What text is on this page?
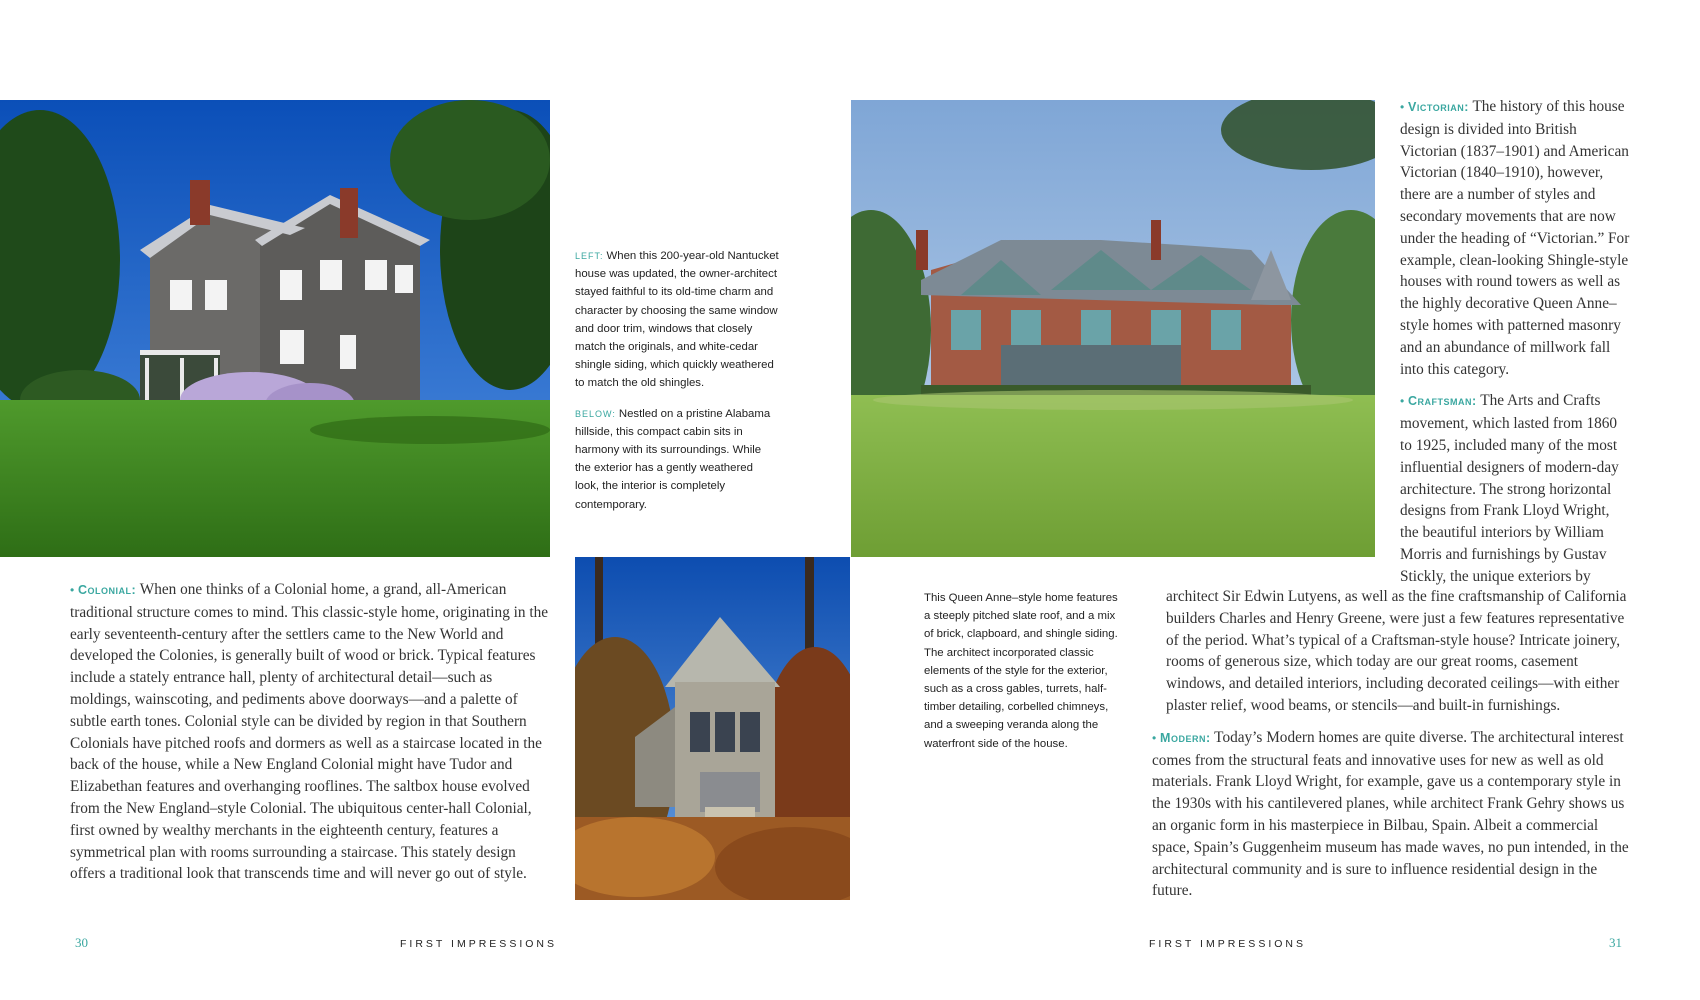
LEFT: When this 200-year-old Nantucket house was updated, the owner-architect stayed faithful to its old-time charm and character by choosing the same window and door trim, windows that closely match the originals, and white-cedar shingle siding, which quickly weathered to match the old shingles.

BELOW: Nestled on a pristine Alabama hillside, this compact cabin sits in harmony with its surroundings. While the exterior has a gently weathered look, the interior is completely contemporary.

• Colonial: When one thinks of a Colonial home, a grand, all-American traditional structure comes to mind. This classic-style home, originating in the early seventeenth-century after the settlers came to the New World and developed the Colonies, is generally built of wood or brick. Typical features include a stately entrance hall, plenty of architectural detail—such as moldings, wainscoting, and pediments above doorways—and a palette of subtle earth tones. Colonial style can be divided by region in that Southern Colonials have pitched roofs and dormers as well as a staircase located in the back of the house, while a New England Colonial might have Tudor and Elizabethan features and overhanging rooflines. The saltbox house evolved from the New England–style Colonial. The ubiquitous center-hall Colonial, first owned by wealthy merchants in the eighteenth century, features a symmetrical plan with rooms surrounding a staircase. This stately design offers a traditional look that transcends time and will never go out of style.

30	FIRST IMPRESSIONS

This Queen Anne–style home features a steeply pitched slate roof, and a mix of brick, clapboard, and shingle siding. The architect incorporated classic elements of the style for the exterior, such as a cross gables, turrets, half-timber detailing, corbelled chimneys, and a sweeping veranda along the waterfront side of the house.

• Victorian: The history of this house design is divided into British Victorian (1837–1901) and American Victorian (1840–1910), however, there are a number of styles and secondary movements that are now under the heading of “Victorian.” For example, clean-looking Shingle-style houses with round towers as well as the highly decorative Queen Anne–style homes with patterned masonry and an abundance of millwork fall into this category.

• Craftsman: The Arts and Crafts movement, which lasted from 1860 to 1925, included many of the most influential designers of modern-day architecture. The strong horizontal designs from Frank Lloyd Wright, the beautiful interiors by William Morris and furnishings by Gustav Stickly, the unique exteriors by

architect Sir Edwin Lutyens, as well as the fine craftsmanship of California builders Charles and Henry Greene, were just a few features representative of the period. What’s typical of a Craftsman-style house? Intricate joinery, rooms of generous size, which today are our great rooms, casement windows, and detailed interiors, including decorated ceilings—with either plaster relief, wood beams, or stencils—and built-in furnishings.

• Modern: Today’s Modern homes are quite diverse. The architectural interest comes from the structural feats and innovative uses for new as well as old materials. Frank Lloyd Wright, for example, gave us a contemporary style in the 1930s with his cantilevered planes, while architect Frank Gehry shows us an organic form in his masterpiece in Bilbau, Spain. Albeit a commercial space, Spain’s Guggenheim museum has made waves, no pun intended, in the architectural community and is sure to influence residential design in the future.

FIRST IMPRESSIONS	31
